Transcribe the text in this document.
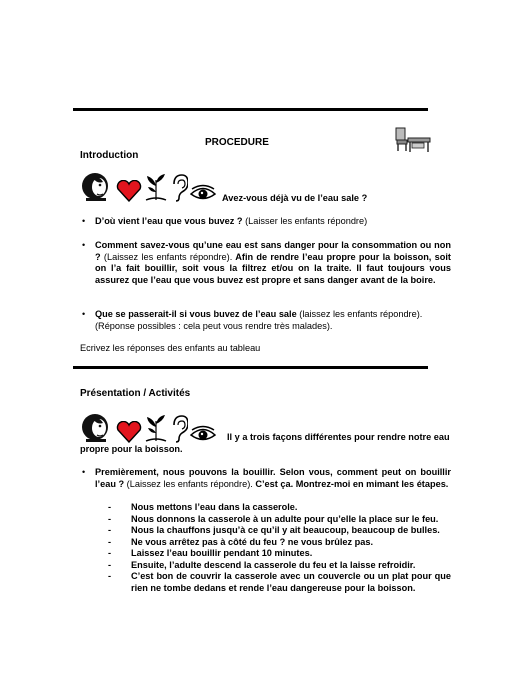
PROCEDURE
Introduction
Avez-vous déjà vu de l’eau sale ?
• D’où vient l’eau que vous buvez ? (Laisser les enfants répondre)
• Comment savez-vous qu’une eau est sans danger pour la consommation ou non ? (Laissez les enfants répondre). Afin de rendre l’eau propre pour la boisson, soit on l’a fait bouillir, soit vous la filtrez et/ou on la traite. Il faut toujours vous assurez que l’eau que vous buvez est propre et sans danger avant de la boire.
• Que se passerait-il si vous buvez de l’eau sale (laissez les enfants répondre). (Réponse possibles : cela peut vous rendre très malades).
Ecrivez les réponses des enfants au tableau
Présentation / Activités
Il y a trois façons différentes pour rendre notre eau propre pour la boisson.
• Premièrement, nous pouvons la bouillir. Selon vous, comment peut on bouillir l’eau ? (Laissez les enfants répondre). C’est ça. Montrez-moi en mimant les étapes.
- Nous mettons l’eau dans la casserole.
- Nous donnons la casserole à un adulte pour qu’elle la place sur le feu.
- Nous la chauffons jusqu’à ce qu’il y ait beaucoup, beaucoup de bulles.
- Ne vous arrêtez pas à côté du feu ? ne vous brûlez pas.
- Laissez l’eau bouillir pendant 10 minutes.
- Ensuite, l’adulte descend la casserole du feu et la laisse refroidir.
- C’est bon de couvrir la casserole avec un couvercle ou un plat pour que rien ne tombe dedans et rende l’eau dangereuse pour la boisson.
